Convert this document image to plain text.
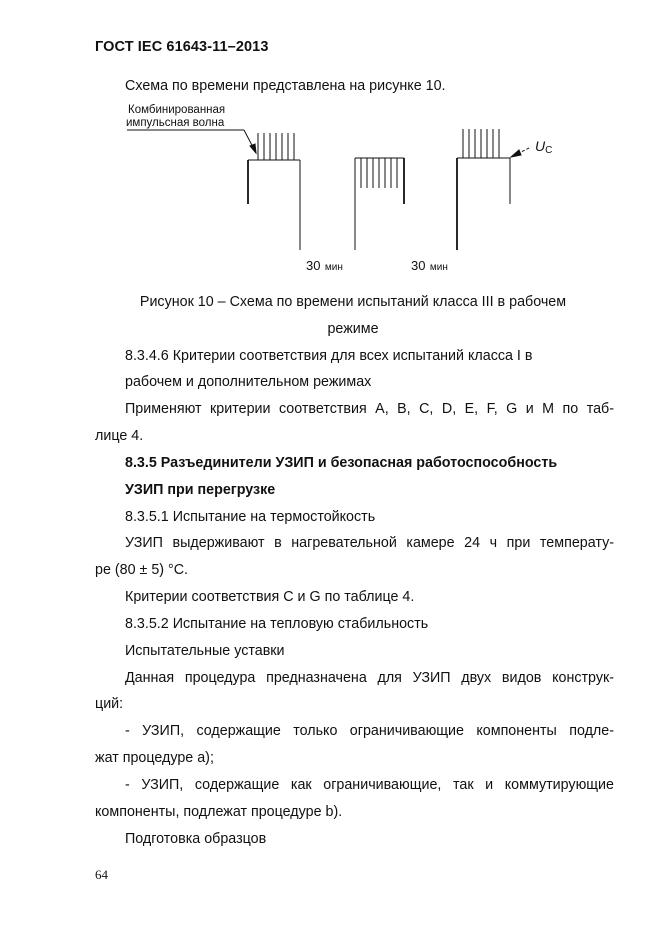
ГОСТ IEC 61643-11–2013
Схема по времени представлена на рисунке 10.
Комбинированная
импульсная волна
UC
30 мин	30 мин
Рисунок 10 – Схема по времени испытаний класса III в рабочем
режиме
8.3.4.6 Критерии соответствия для всех испытаний класса I в
рабочем и дополнительном режимах
Применяют критерии соответствия A, B, C, D, E, F, G и M по таб-
лице 4.
8.3.5 Разъединители УЗИП и безопасная работоспособность
УЗИП при перегрузке
8.3.5.1 Испытание на термостойкость
УЗИП выдерживают в нагревательной камере 24 ч при температу-
ре (80 ± 5) °C.
Критерии соответствия C и G по таблице 4.
8.3.5.2 Испытание на тепловую стабильность
Испытательные уставки
Данная процедура предназначена для УЗИП двух видов конструк-
ций:
- УЗИП, содержащие только ограничивающие компоненты подле-
жат процедуре a);
- УЗИП, содержащие как ограничивающие, так и коммутирующие
компоненты, подлежат процедуре b).
Подготовка образцов
64
